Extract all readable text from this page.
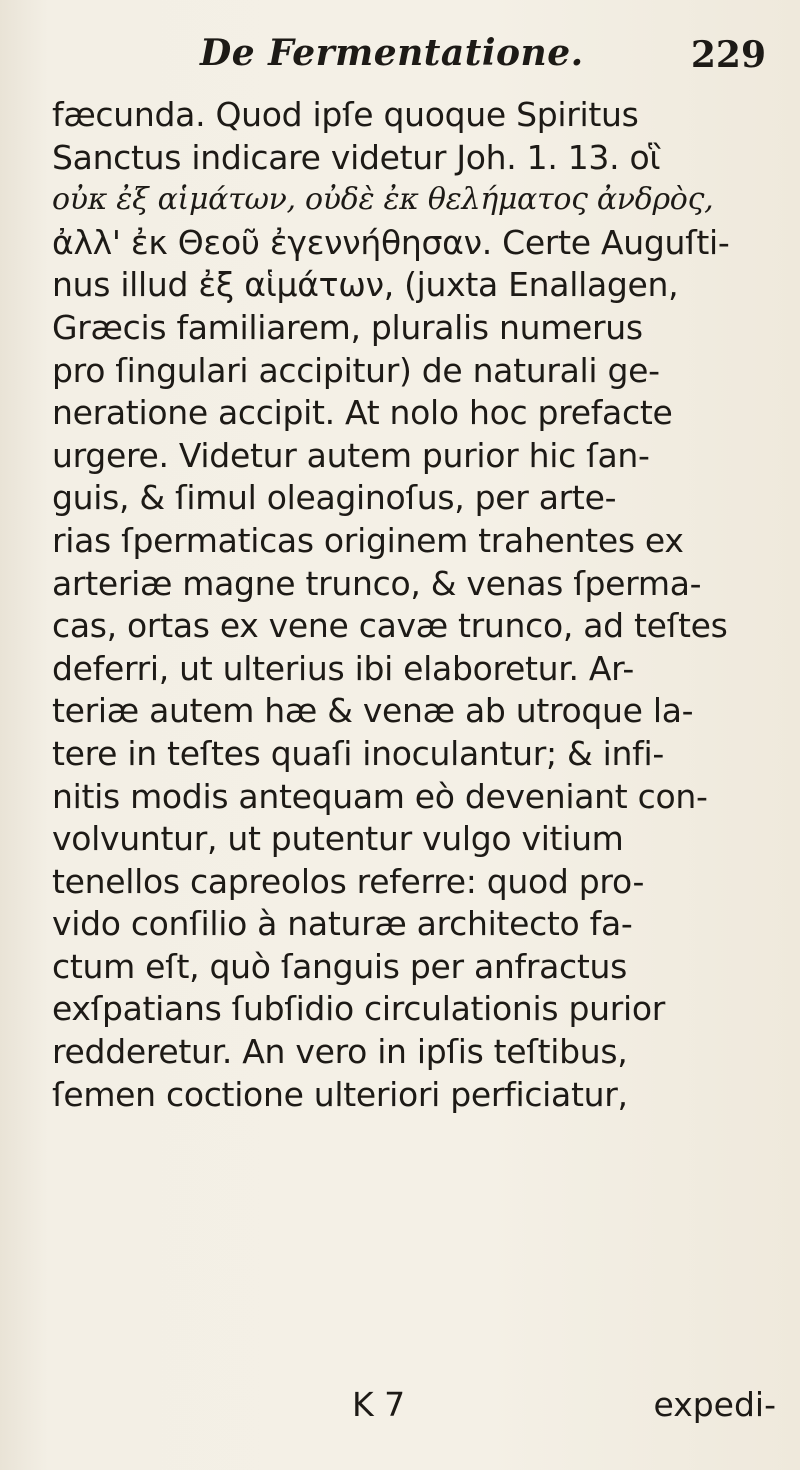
De Fermentatione.	229
fæcunda. Quod ipſe quoque Spiritus
Sanctus indicare videtur Joh. 1. 13. οἳ
οὐκ ἐξ αἱμάτων, οὐδὲ ἐκ θελήματος ἀνδρὸς,
ἀλλ' ἐκ Θεοῦ ἐγεννήθησαν. Certe Auguſti-
nus illud ἐξ αἱμάτων, (juxta Enallagen,
Græcis familiarem, pluralis numerus
pro ſingulari accipitur) de naturali ge-
neratione accipit. At nolo hoc prefacte
urgere. Videtur autem purior hic ſan-
guis, & ſimul oleaginoſus, per arte-
rias ſpermaticas originem trahentes ex
arteriæ magne trunco, & venas ſperma-
cas, ortas ex vene cavæ trunco, ad teſtes
deferri, ut ulterius ibi elaboretur. Ar-
teriæ autem hæ & venæ ab utroque la-
tere in teſtes quaſi inoculantur; & infi-
nitis modis antequam eò deveniant con-
volvuntur, ut putentur vulgo vitium
tenellos capreolos referre: quod pro-
vido conſilio à naturæ architecto fa-
ctum eſt, quò ſanguis per anfractus
exſpatians ſubſidio circulationis purior
redderetur. An vero in ipſis teſtibus,
ſemen coctione ulteriori perficiatur,
K 7	expedi-
